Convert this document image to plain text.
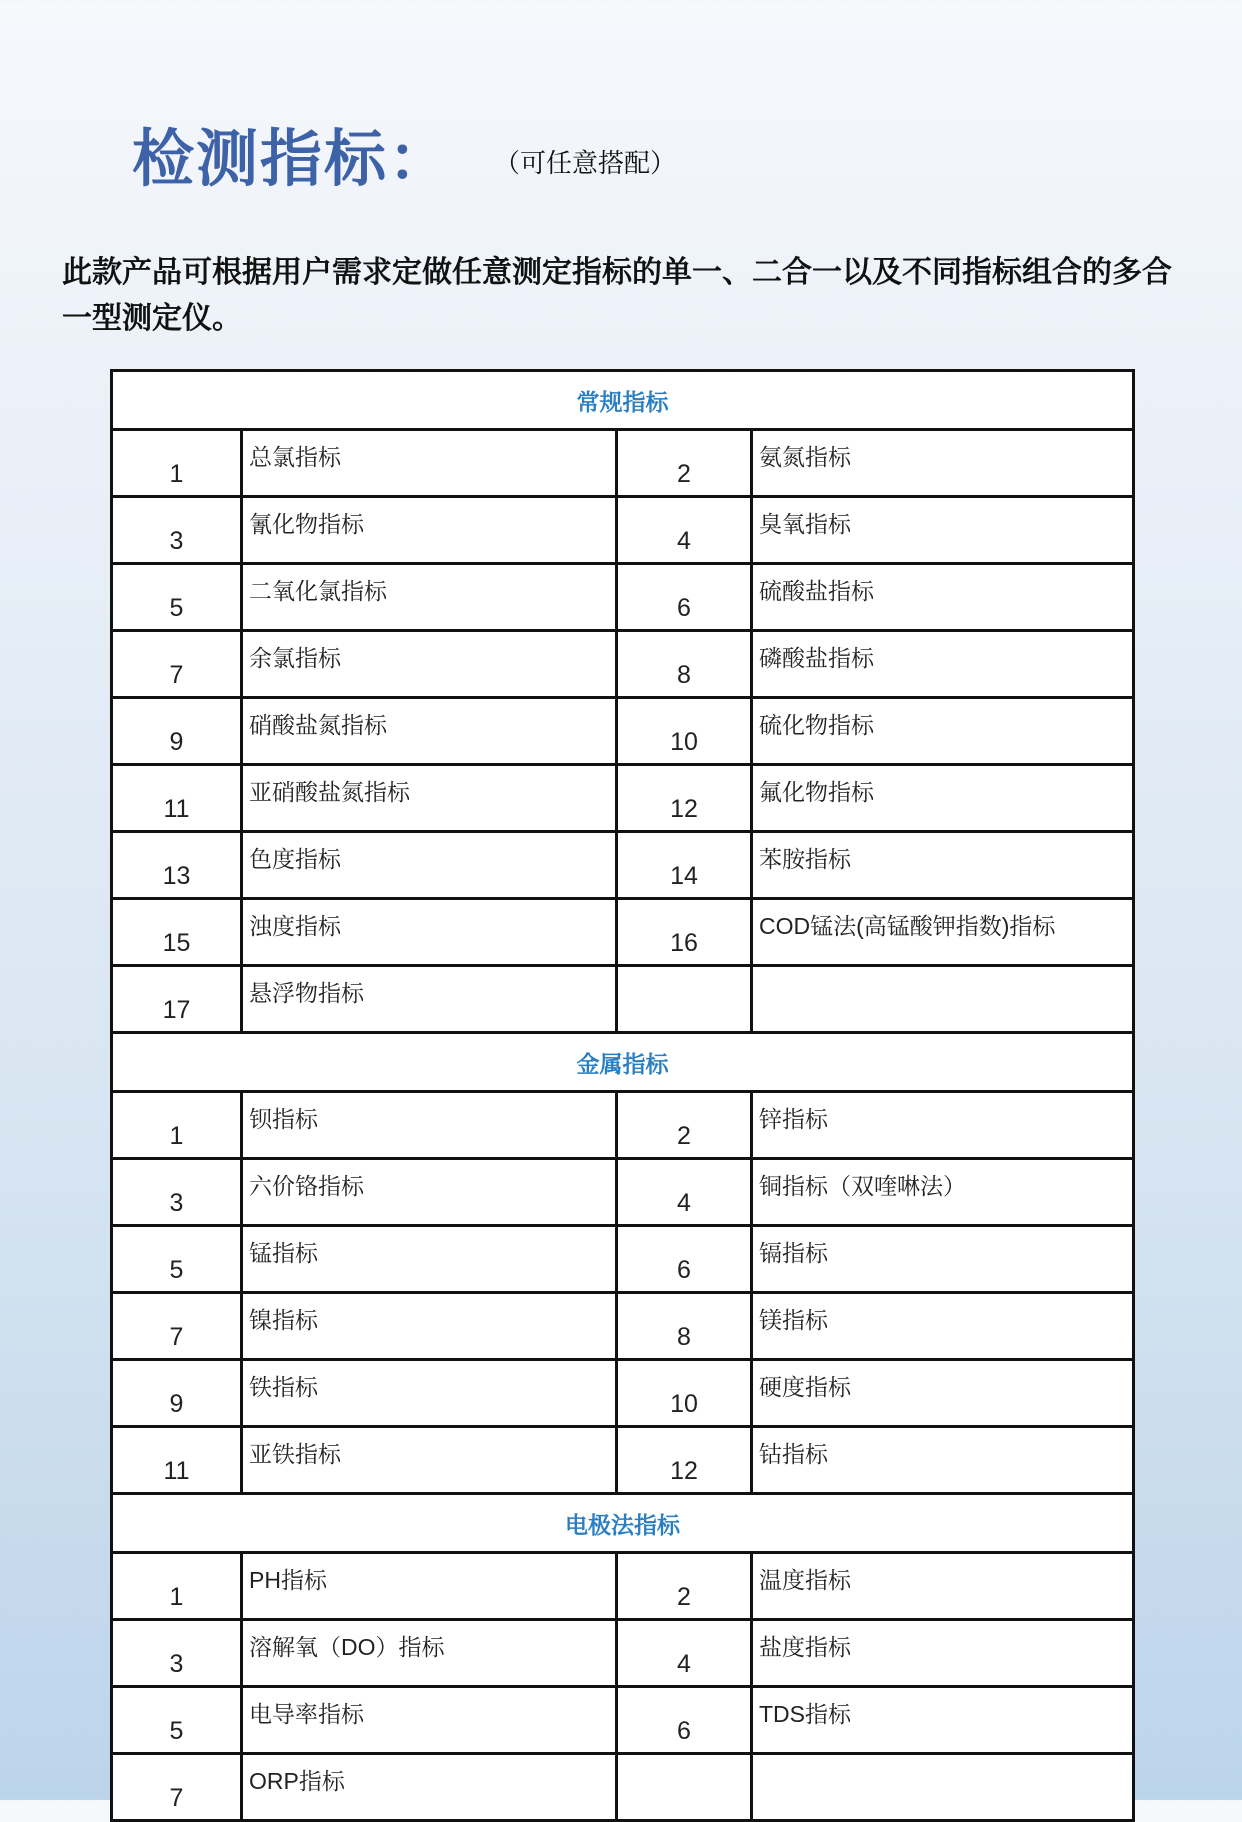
检测指标： （可任意搭配）
此款产品可根据用户需求定做任意测定指标的单一、二合一以及不同指标组合的多合一型测定仪。
常规指标			
1	总氯指标	2	氨氮指标
3	氰化物指标	4	臭氧指标
5	二氧化氯指标	6	硫酸盐指标
7	余氯指标	8	磷酸盐指标
9	硝酸盐氮指标	10	硫化物指标
11	亚硝酸盐氮指标	12	氟化物指标
13	色度指标	14	苯胺指标
15	浊度指标	16	COD锰法(高锰酸钾指数)指标
17	悬浮物指标		
金属指标			
1	钡指标	2	锌指标
3	六价铬指标	4	铜指标（双喹啉法）
5	锰指标	6	镉指标
7	镍指标	8	镁指标
9	铁指标	10	硬度指标
11	亚铁指标	12	钴指标
电极法指标			
1	PH指标	2	温度指标
3	溶解氧（DO）指标	4	盐度指标
5	电导率指标	6	TDS指标
7	ORP指标		
